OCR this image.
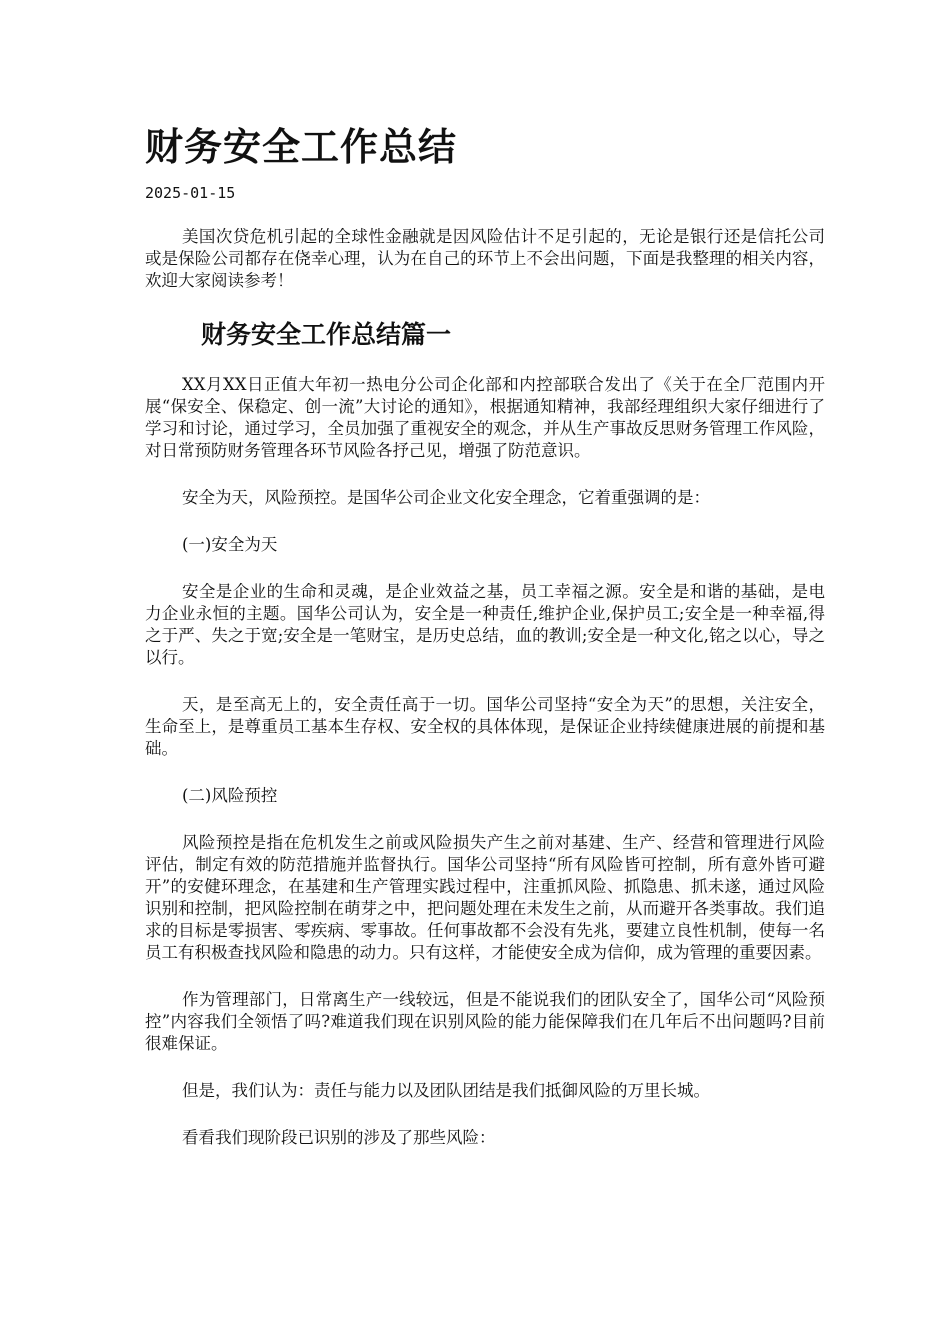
财务安全工作总结
2025-01-15

美国次贷危机引起的全球性金融就是因风险估计不足引起的，无论是银行还是信托公司或是保险公司都存在侥幸心理，认为在自己的环节上不会出问题，下面是我整理的相关内容，欢迎大家阅读参考！

财务安全工作总结篇一

XX月XX日正值大年初一热电分公司企化部和内控部联合发出了《关于在全厂范围内开展“保安全、保稳定、创一流”大讨论的通知》，根据通知精神，我部经理组织大家仔细进行了学习和讨论，通过学习，全员加强了重视安全的观念，并从生产事故反思财务管理工作风险，对日常预防财务管理各环节风险各抒己见，增强了防范意识。

安全为天，风险预控。是国华公司企业文化安全理念，它着重强调的是：

(一)安全为天

安全是企业的生命和灵魂，是企业效益之基，员工幸福之源。安全是和谐的基础，是电力企业永恒的主题。国华公司认为，安全是一种责任,维护企业,保护员工;安全是一种幸福,得之于严、失之于宽;安全是一笔财宝，是历史总结，血的教训;安全是一种文化,铭之以心，导之以行。

天，是至高无上的，安全责任高于一切。国华公司坚持“安全为天”的思想，关注安全，生命至上，是尊重员工基本生存权、安全权的具体体现，是保证企业持续健康进展的前提和基础。

(二)风险预控

风险预控是指在危机发生之前或风险损失产生之前对基建、生产、经营和管理进行风险评估，制定有效的防范措施并监督执行。国华公司坚持“所有风险皆可控制，所有意外皆可避开”的安健环理念，在基建和生产管理实践过程中，注重抓风险、抓隐患、抓未遂，通过风险识别和控制，把风险控制在萌芽之中，把问题处理在未发生之前，从而避开各类事故。我们追求的目标是零损害、零疾病、零事故。任何事故都不会没有先兆，要建立良性机制，使每一名员工有积极查找风险和隐患的动力。只有这样，才能使安全成为信仰，成为管理的重要因素。

作为管理部门，日常离生产一线较远，但是不能说我们的团队安全了，国华公司“风险预控”内容我们全领悟了吗?难道我们现在识别风险的能力能保障我们在几年后不出问题吗?目前很难保证。

但是，我们认为：责任与能力以及团队团结是我们抵御风险的万里长城。

看看我们现阶段已识别的涉及了那些风险：
